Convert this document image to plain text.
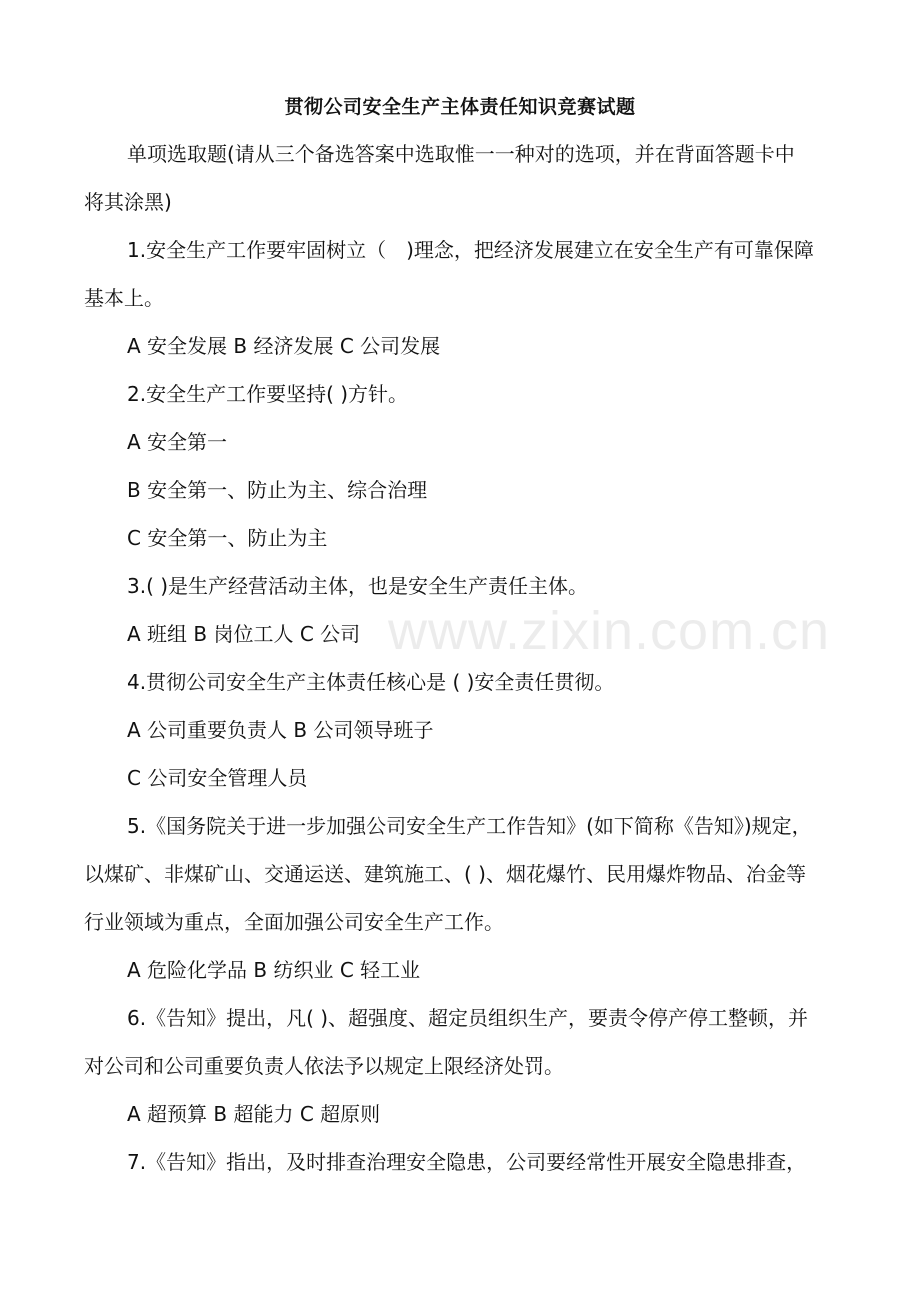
贯彻公司安全生产主体责任知识竞赛试题
单项选取题(请从三个备选答案中选取惟一一种对的选项，并在背面答题卡中
将其涂黑)
1.安全生产工作要牢固树立（　)理念，把经济发展建立在安全生产有可靠保障
基本上。
A 安全发展 B 经济发展 C 公司发展
2.安全生产工作要坚持( )方针。
A 安全第一
B 安全第一、防止为主、综合治理
C 安全第一、防止为主
3.( )是生产经营活动主体，也是安全生产责任主体。
A 班组 B 岗位工人 C 公司
4.贯彻公司安全生产主体责任核心是 ( )安全责任贯彻。
A 公司重要负责人 B 公司领导班子
C 公司安全管理人员
5.《国务院关于进一步加强公司安全生产工作告知》(如下简称《告知》)规定，
以煤矿、非煤矿山、交通运送、建筑施工、( )、烟花爆竹、民用爆炸物品、冶金等
行业领域为重点，全面加强公司安全生产工作。
A 危险化学品 B 纺织业 C 轻工业
6.《告知》提出，凡( )、超强度、超定员组织生产，要责令停产停工整顿，并
对公司和公司重要负责人依法予以规定上限经济处罚。
A 超预算 B 超能力 C 超原则
7.《告知》指出，及时排查治理安全隐患，公司要经常性开展安全隐患排查，
www.zixin.com.cn
